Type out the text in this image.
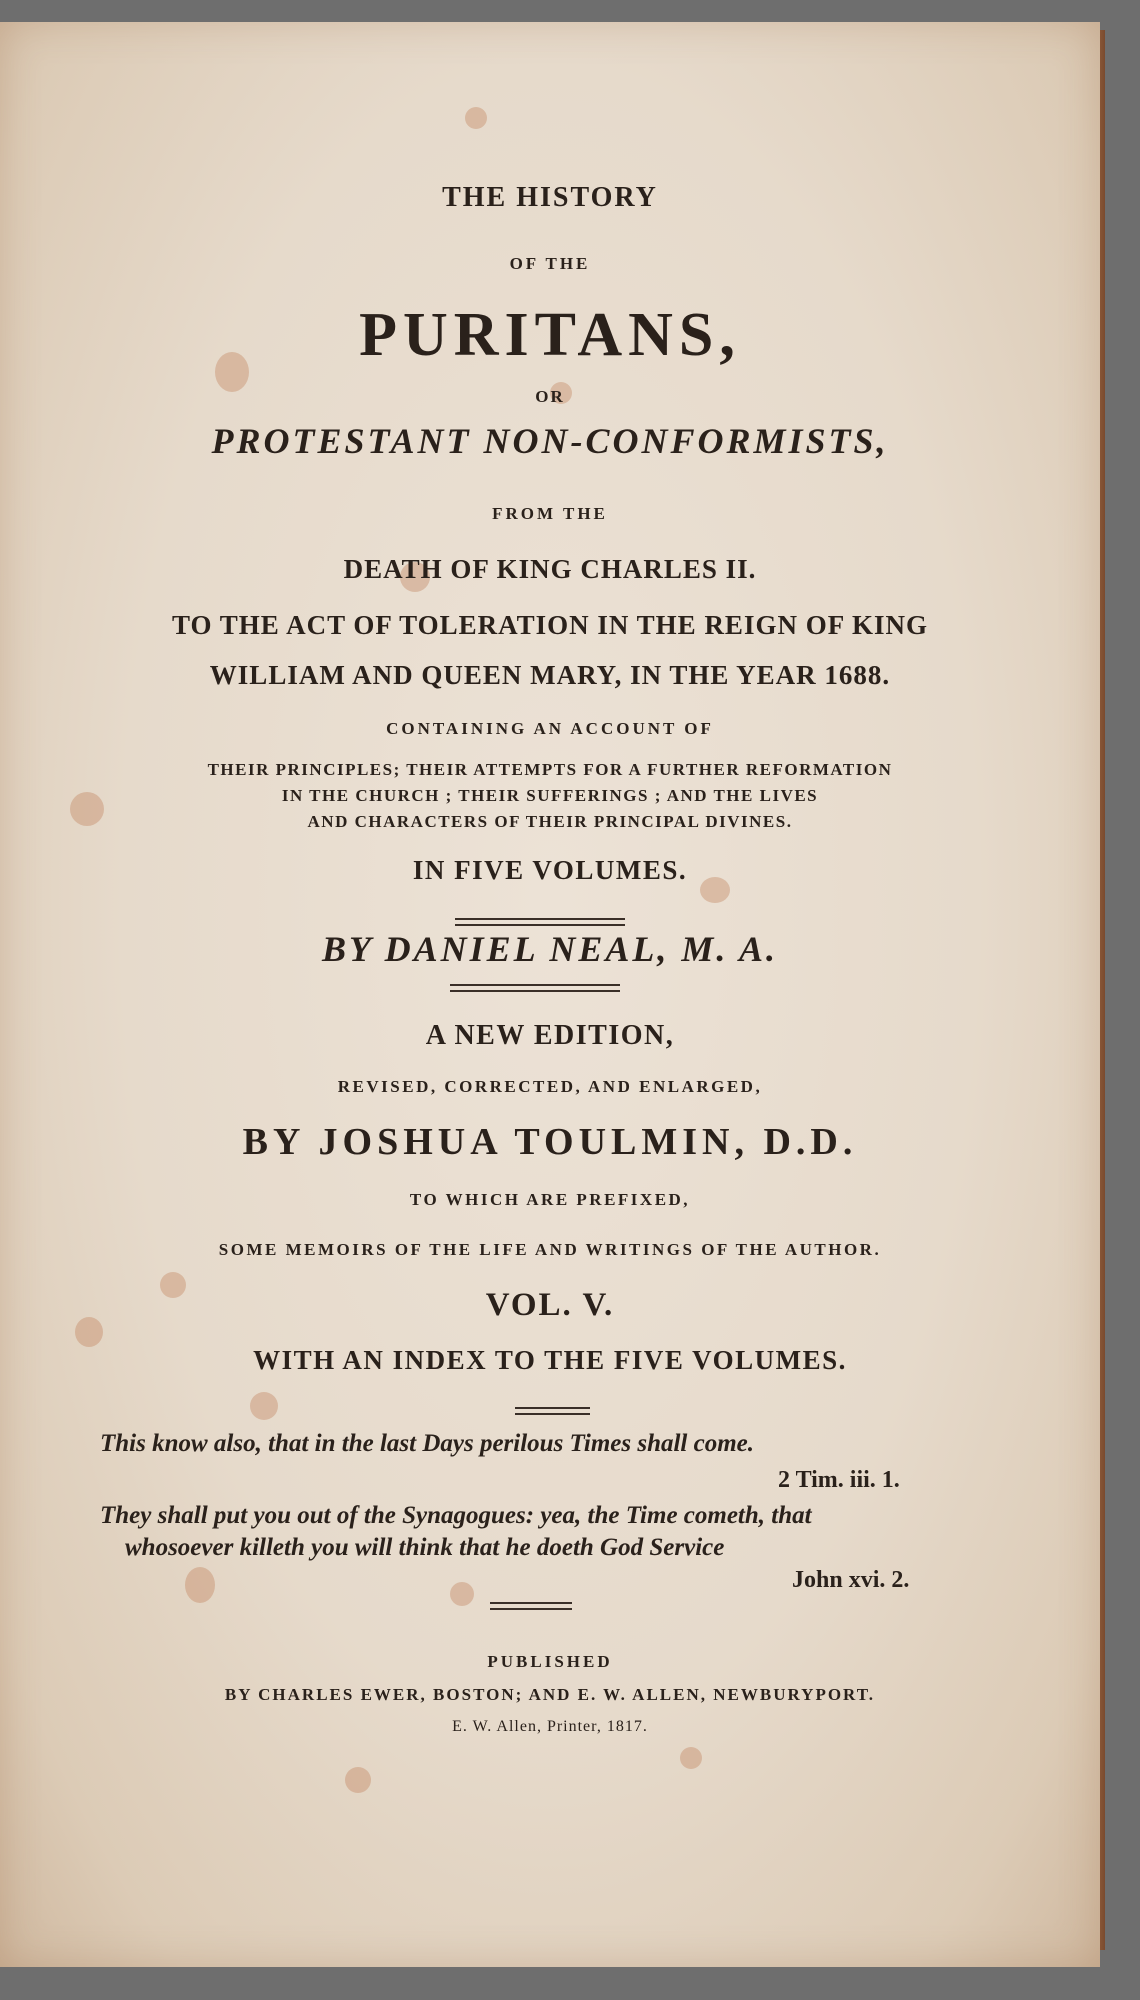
THE HISTORY
OF THE
PURITANS,
OR
PROTESTANT NON-CONFORMISTS,
FROM THE
DEATH OF KING CHARLES II.
TO THE ACT OF TOLERATION IN THE REIGN OF KING
WILLIAM AND QUEEN MARY, IN THE YEAR 1688.
CONTAINING AN ACCOUNT OF
THEIR PRINCIPLES; THEIR ATTEMPTS FOR A FURTHER REFORMATION
IN THE CHURCH ; THEIR SUFFERINGS ; AND THE LIVES
AND CHARACTERS OF THEIR PRINCIPAL DIVINES.
IN FIVE VOLUMES.
BY DANIEL NEAL, M. A.
A NEW EDITION,
REVISED, CORRECTED, AND ENLARGED,
BY JOSHUA TOULMIN, D.D.
TO WHICH ARE PREFIXED,
SOME MEMOIRS OF THE LIFE AND WRITINGS OF THE AUTHOR.
VOL. V.
WITH AN INDEX TO THE FIVE VOLUMES.
This know also, that in the last Days perilous Times shall come.
2 Tim. iii. 1.
They shall put you out of the Synagogues: yea, the Time cometh, that
whosoever killeth you will think that he doeth God Service
John xvi. 2.
PUBLISHED
BY CHARLES EWER, BOSTON; AND E. W. ALLEN, NEWBURYPORT.
E. W. Allen, Printer, 1817.
